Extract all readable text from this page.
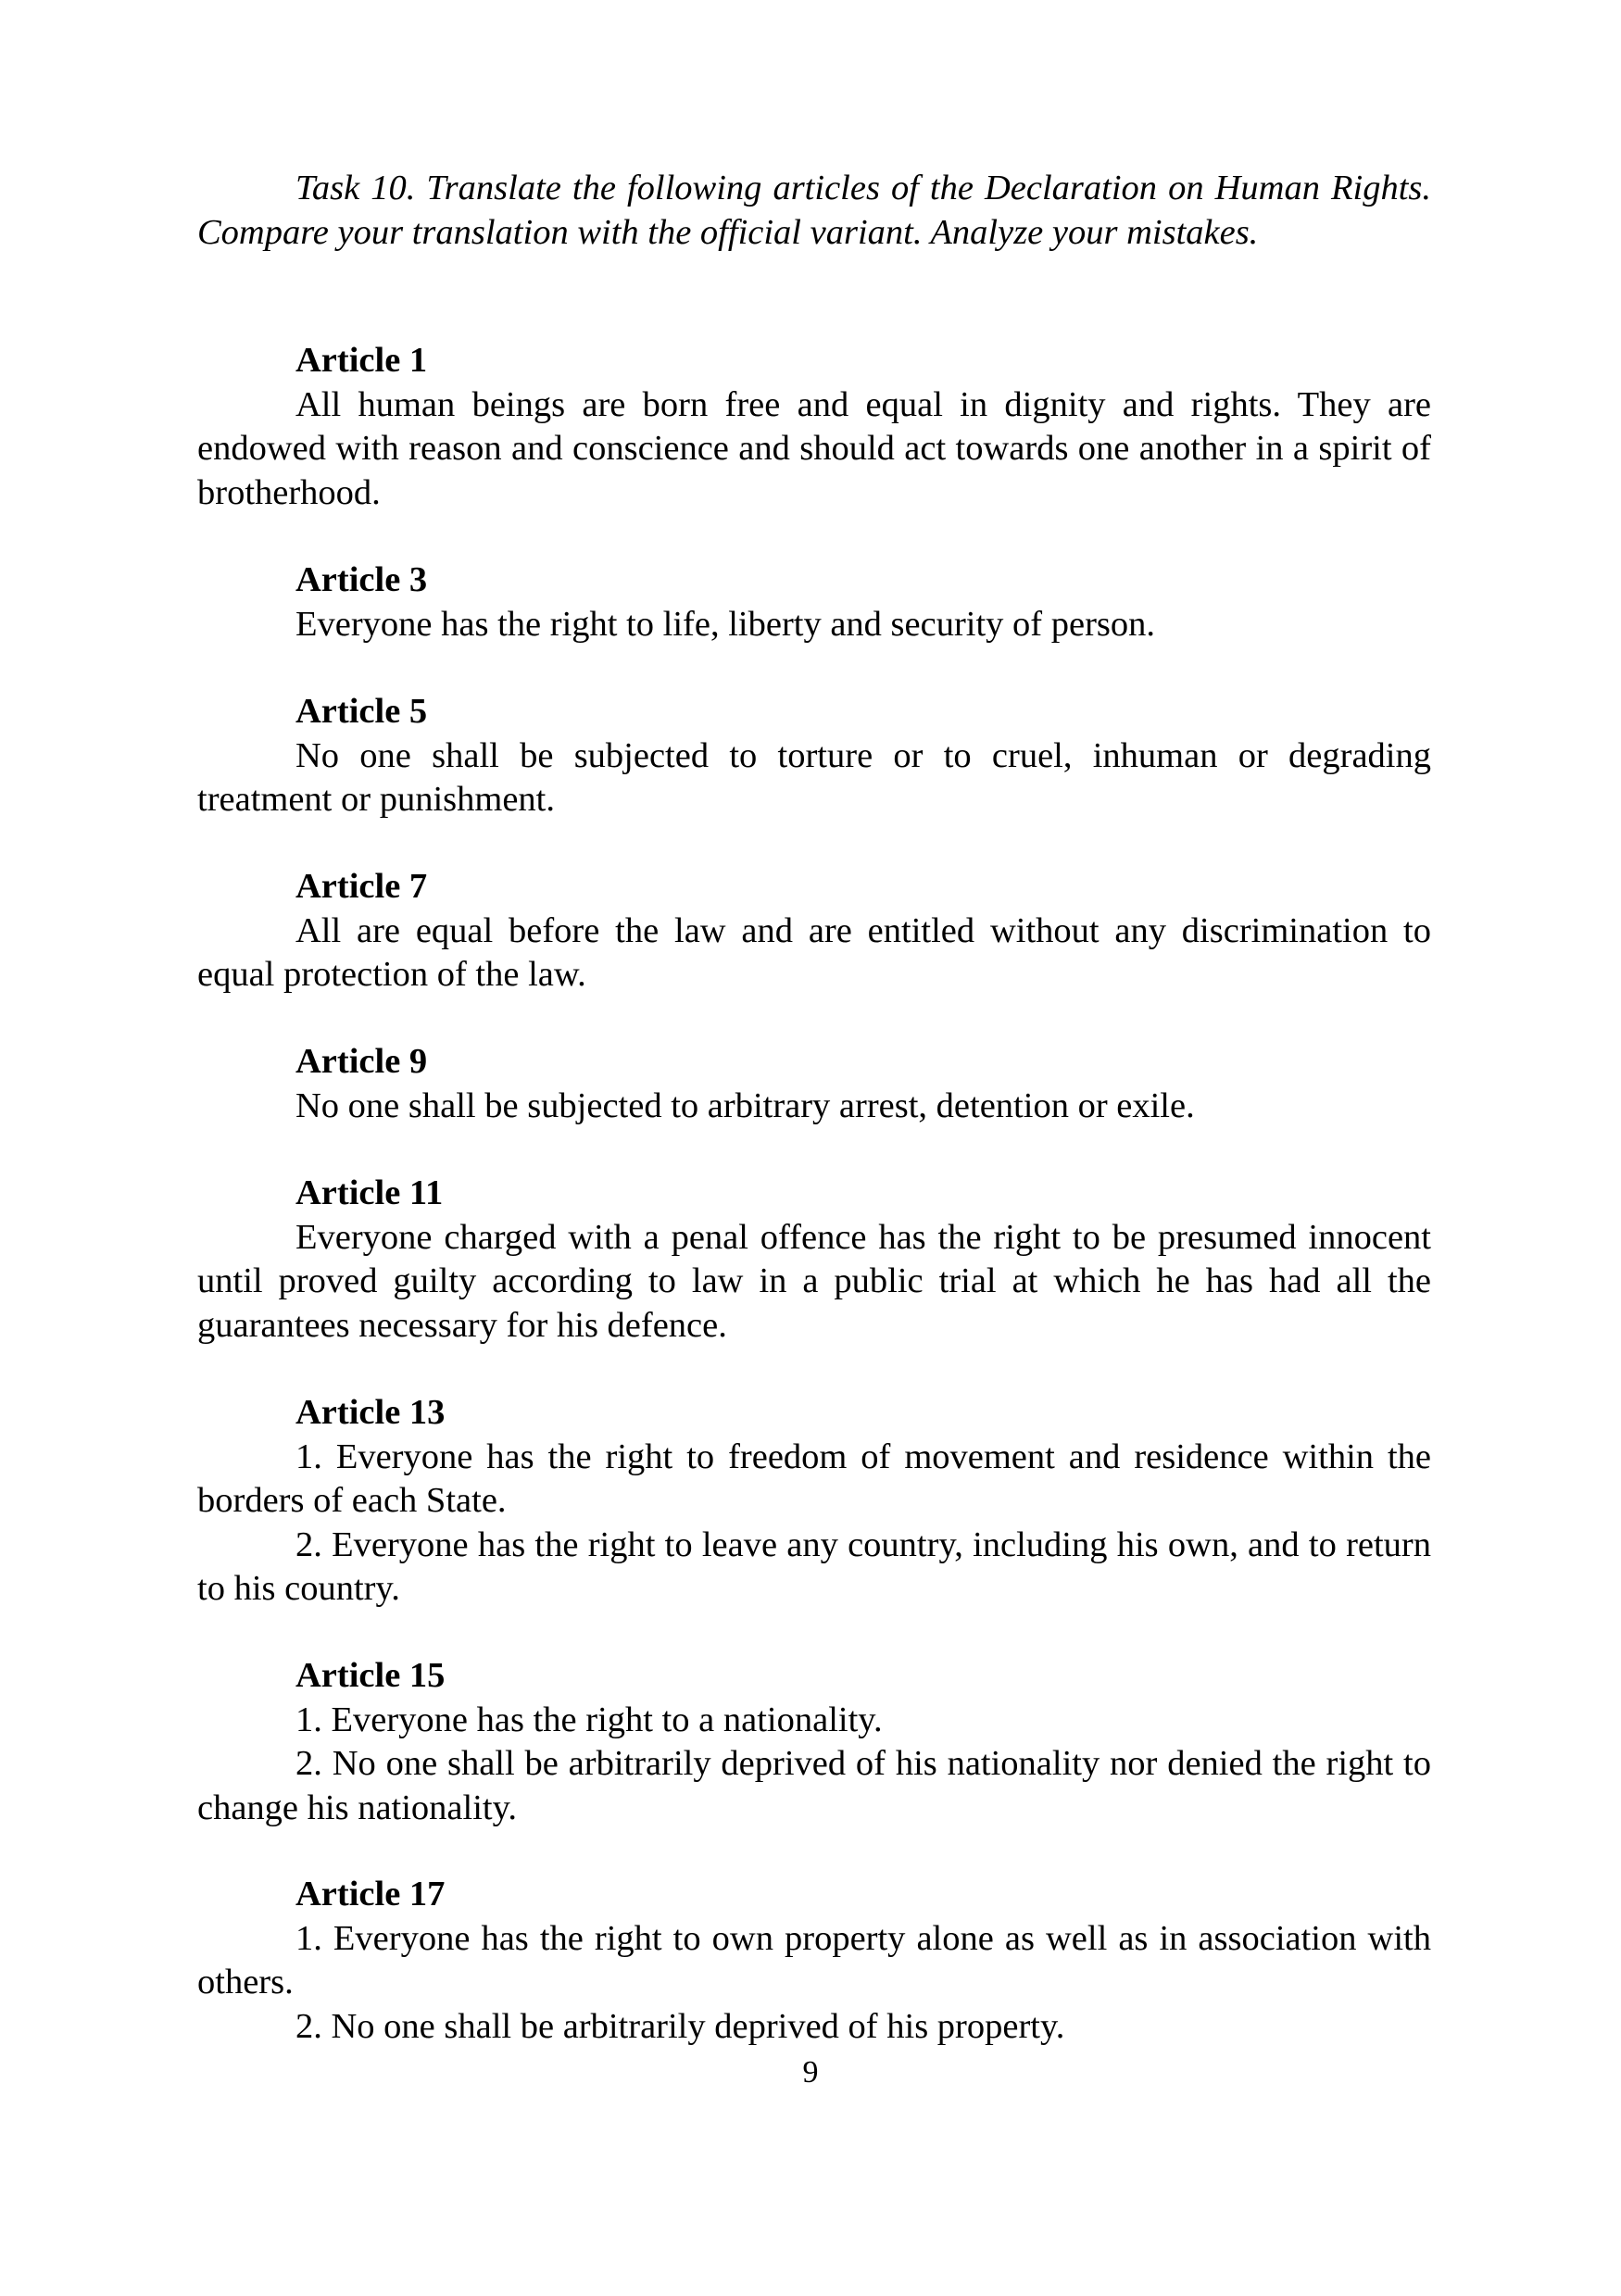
Task 10. Translate the following articles of the Declaration on Human Rights. Compare your translation with the official variant. Analyze your mistakes.

Article 1

All human beings are born free and equal in dignity and rights. They are endowed with reason and conscience and should act towards one another in a spirit of brotherhood.

Article 3

Everyone has the right to life, liberty and security of person.

Article 5

No one shall be subjected to torture or to cruel, inhuman or degrading treatment or punishment.

Article 7

All are equal before the law and are entitled without any discrimination to equal protection of the law.

Article 9

No one shall be subjected to arbitrary arrest, detention or exile.

Article 11

Everyone charged with a penal offence has the right to be presumed innocent until proved guilty according to law in a public trial at which he has had all the guarantees necessary for his defence.

Article 13

1. Everyone has the right to freedom of movement and residence within the borders of each State.

2. Everyone has the right to leave any country, including his own, and to return to his country.

Article 15

1. Everyone has the right to a nationality.

2. No one shall be arbitrarily deprived of his nationality nor denied the right to change his nationality.

Article 17

1. Everyone has the right to own property alone as well as in association with others.

2. No one shall be arbitrarily deprived of his property.

9
